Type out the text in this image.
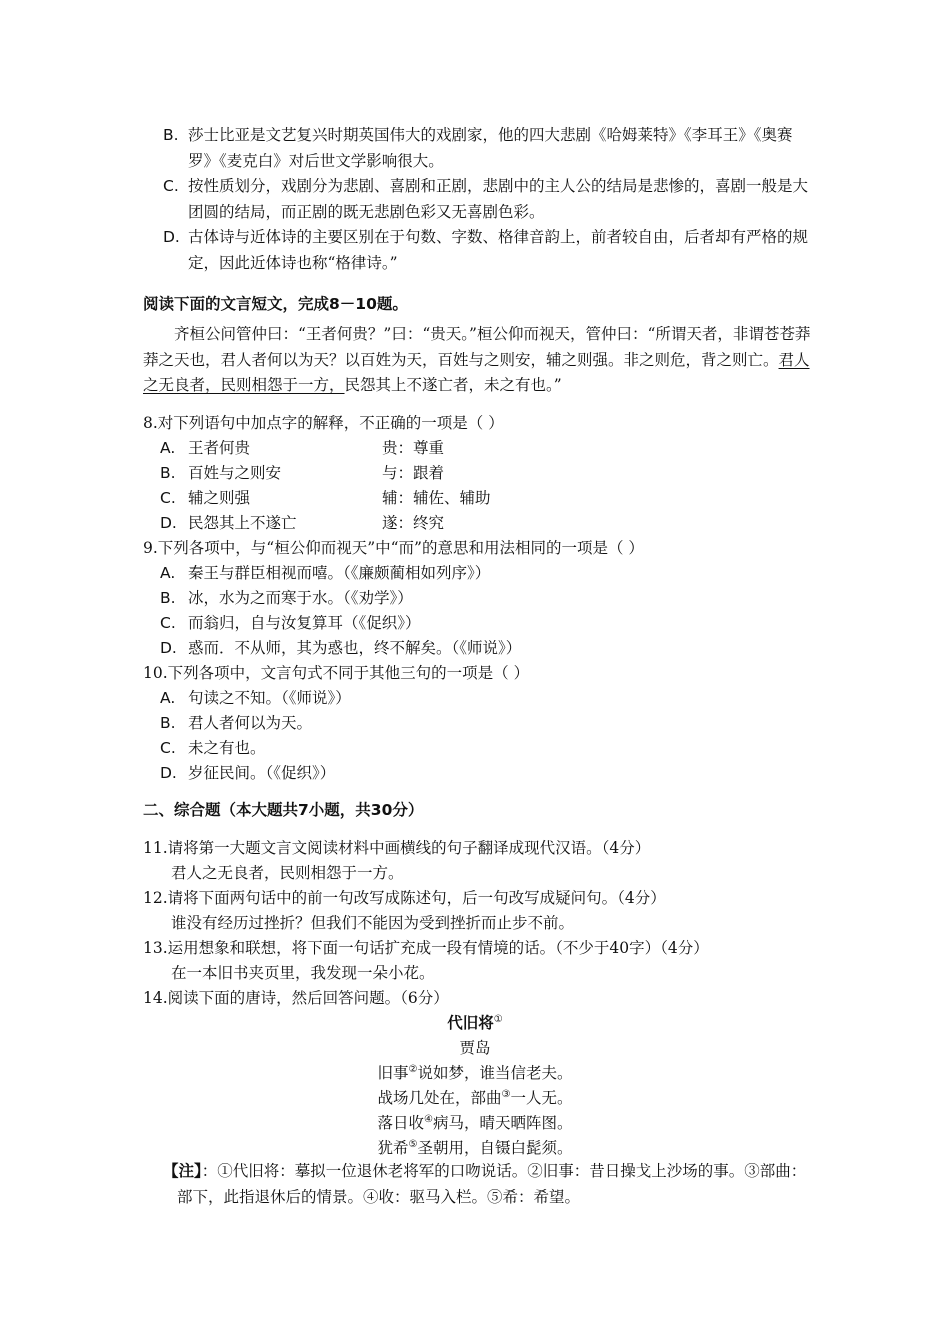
B. 莎士比亚是文艺复兴时期英国伟大的戏剧家，他的四大悲剧《哈姆莱特》《李耳王》《奥赛罗》《麦克白》对后世文学影响很大。
C. 按性质划分，戏剧分为悲剧、喜剧和正剧，悲剧中的主人公的结局是悲惨的，喜剧一般是大团圆的结局，而正剧的既无悲剧色彩又无喜剧色彩。
D. 古体诗与近体诗的主要区别在于句数、字数、格律音韵上，前者较自由，后者却有严格的规定，因此近体诗也称“格律诗。”
阅读下面的文言短文，完成8－10题。
齐桓公问管仲曰：“王者何贵？”曰：“贵天。”桓公仰而视天，管仲曰：“所谓天者，非谓苍苍莽莽之天也，君人者何以为天？以百姓为天，百姓与之则安，辅之则强。非之则危，背之则亡。君人之无良者，民则相怨于一方，民怨其上不遂亡者，未之有也。”
8.对下列语句中加点字的解释，不正确的一项是（ ）
A. 王者何贵	贵：尊重
B. 百姓与之则安	与：跟着
C. 辅之则强	辅：辅佐、辅助
D. 民怨其上不遂亡	遂：终究
9.下列各项中，与“桓公仰而视天”中“而”的意思和用法相同的一项是（ ）
A. 秦王与群臣相视而嘻。（《廉颇蔺相如列序》）
B. 冰，水为之而寒于水。（《劝学》）
C. 而翁归，自与汝复算耳（《促织》）
D. 惑而．不从师，其为惑也，终不解矣。（《师说》）
10.下列各项中，文言句式不同于其他三句的一项是（ ）
A. 句读之不知。（《师说》）
B. 君人者何以为天。
C. 未之有也。
D. 岁征民间。（《促织》）
二、综合题（本大题共7小题，共30分）
11.请将第一大题文言文阅读材料中画横线的句子翻译成现代汉语。（4分）
君人之无良者，民则相怨于一方。
12.请将下面两句话中的前一句改写成陈述句，后一句改写成疑问句。（4分）
谁没有经历过挫折？但我们不能因为受到挫折而止步不前。
13.运用想象和联想，将下面一句话扩充成一段有情境的话。（不少于40字）（4分）
在一本旧书夹页里，我发现一朵小花。
14.阅读下面的唐诗，然后回答问题。（6分）
代旧将①
贾岛
旧事②说如梦，谁当信老夫。
战场几处在，部曲③一人无。
落日收④病马，晴天晒阵图。
犹希⑤圣朝用，自镊白髭须。
【注】：①代旧将：摹拟一位退休老将军的口吻说话。②旧事：昔日操戈上沙场的事。③部曲：部下，此指退休后的情景。④收：驱马入栏。⑤希：希望。
